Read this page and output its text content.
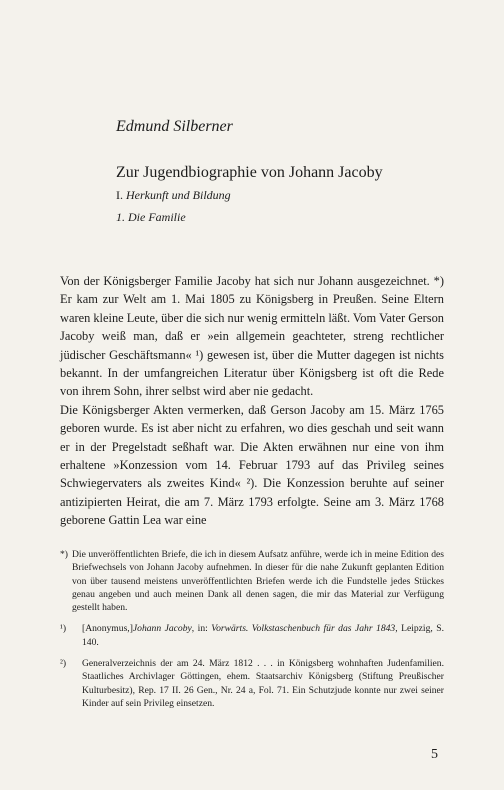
Edmund Silberner
Zur Jugendbiographie von Johann Jacoby
I. Herkunft und Bildung
1. Die Familie

Von der Königsberger Familie Jacoby hat sich nur Johann ausgezeichnet. *) Er kam zur Welt am 1. Mai 1805 zu Königsberg in Preußen. Seine Eltern waren kleine Leute, über die sich nur wenig ermitteln läßt. Vom Vater Gerson Jacoby weiß man, daß er »ein allgemein geachteter, streng rechtlicher jüdischer Geschäftsmann« ¹) gewesen ist, über die Mutter dagegen ist nichts bekannt. In der umfangreichen Literatur über Königsberg ist oft die Rede von ihrem Sohn, ihrer selbst wird aber nie gedacht.

Die Königsberger Akten vermerken, daß Gerson Jacoby am 15. März 1765 geboren wurde. Es ist aber nicht zu erfahren, wo dies geschah und seit wann er in der Pregelstadt seßhaft war. Die Akten erwähnen nur eine von ihm erhaltene »Konzession vom 14. Februar 1793 auf das Privileg seines Schwiegervaters als zweites Kind« ²). Die Konzession beruhte auf seiner antizipierten Heirat, die am 7. März 1793 erfolgte. Seine am 3. März 1768 geborene Gattin Lea war eine

*) Die unveröffentlichten Briefe, die ich in diesem Aufsatz anführe, werde ich in meine Edition des Briefwechsels von Johann Jacoby aufnehmen. In dieser für die nahe Zukunft geplanten Edition von über tausend meistens unveröffentlichten Briefen werde ich die Fundstelle jedes Stückes genau angeben und auch meinen Dank all denen sagen, die mir das Material zur Verfügung gestellt haben.
¹)	[Anonymus,]Johann Jacoby, in: Vorwärts. Volkstaschenbuch für das Jahr 1843, Leipzig, S. 140.
²)	Generalverzeichnis der am 24. März 1812 . . . in Königsberg wohnhaften Judenfamilien. Staatliches Archivlager Göttingen, ehem. Staatsarchiv Königsberg (Stiftung Preußischer Kulturbesitz), Rep. 17 II. 26 Gen., Nr. 24 a, Fol. 71. Ein Schutzjude konnte nur zwei seiner Kinder auf sein Privileg einsetzen.
5
